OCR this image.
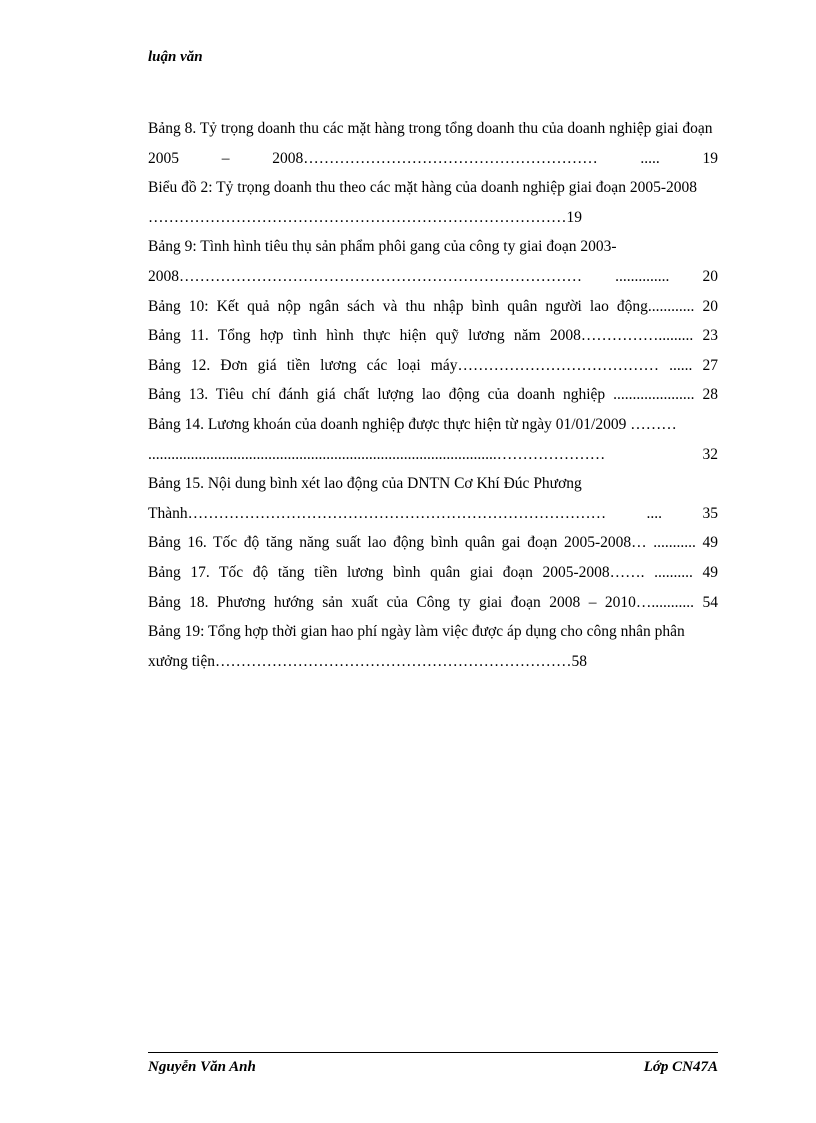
luận văn

Bảng 8. Tỷ trọng doanh thu các mặt hàng trong tổng doanh thu của doanh nghiệp giai đoạn 2005 – 2008………………………………………………… ..... 19

Biểu đồ 2: Tỷ trọng doanh thu theo các mặt hàng của doanh nghiệp giai đoạn 2005-2008 ………………………………………………………………………19

Bảng 9: Tình hình tiêu thụ sản phẩm phôi gang của công ty giai đoạn 2003-2008…………………………………………………………………… .............. 20

Bảng 10: Kết quả nộp ngân sách và thu nhập bình quân người lao động............ 20

Bảng 11. Tổng hợp tình hình thực hiện quỹ lương năm 2008……………......... 23

Bảng 12. Đơn giá tiền lương các loại máy………………………………… ...... 27

Bảng 13. Tiêu chí đánh giá chất lượng lao động của doanh nghiệp ..................... 28

Bảng 14. Lương khoán của doanh nghiệp được thực hiện từ ngày 01/01/2009 ……… ..........................................................................................………………… 32

Bảng 15. Nội dung bình xét lao động của DNTN Cơ Khí Đúc Phương Thành……………………………………………………………………… .... 35

Bảng 16. Tốc độ tăng năng suất lao động bình quân gai đoạn 2005-2008… ........... 49

Bảng 17. Tốc độ tăng tiền lương bình quân giai đoạn 2005-2008……. .......... 49

Bảng 18. Phương hướng sản xuất của Công ty giai đoạn 2008 – 2010…........... 54

Bảng 19: Tổng hợp thời gian hao phí ngày làm việc được áp dụng cho công nhân phân xưởng tiện……………………………………………………………58

Nguyễn Văn Anh	Lớp CN47A
